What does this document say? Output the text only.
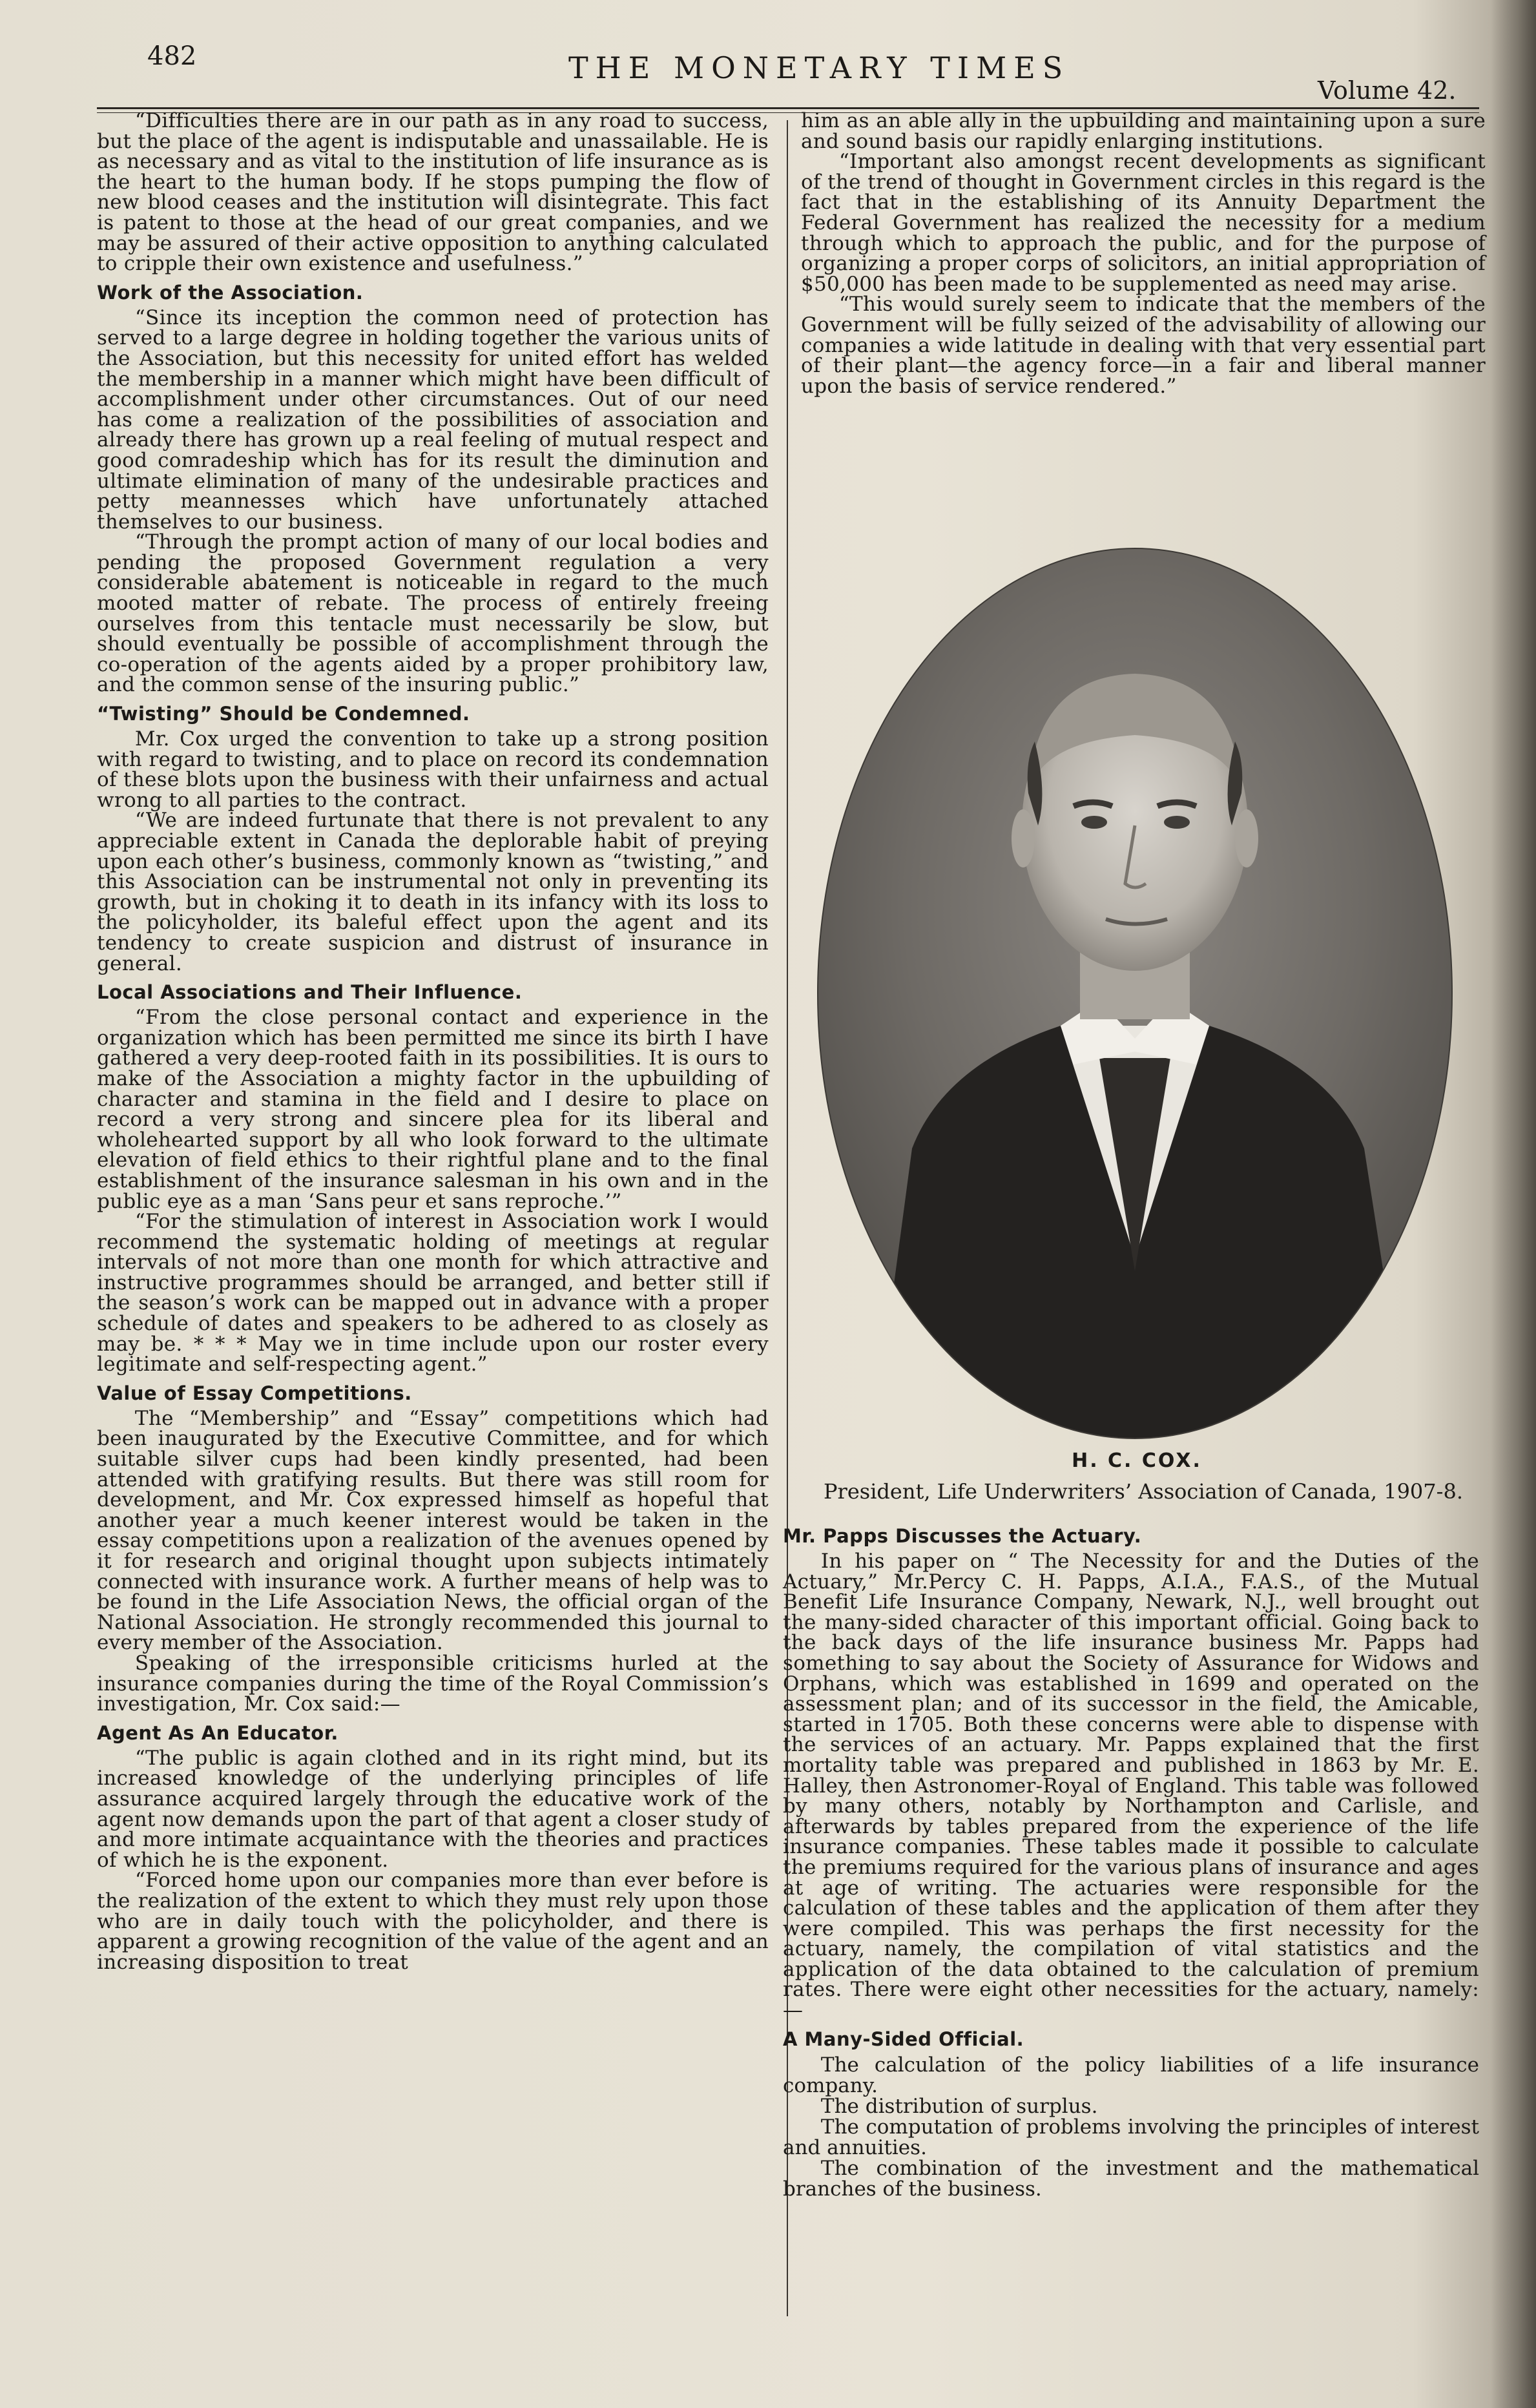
482	THE MONETARY TIMES
Volume 42.
“Difficulties there are in our path as in any road to success, but the place of the agent is indisputable and unassailable. He is as necessary and as vital to the institution of life insurance as is the heart to the human body. If he stops pumping the flow of new blood ceases and the institution will disintegrate. This fact is patent to those at the head of our great companies, and we may be assured of their active opposition to anything calculated to cripple their own existence and usefulness.”
Work of the Association.
“Since its inception the common need of protection has served to a large degree in holding together the various units of the Association, but this necessity for united effort has welded the membership in a manner which might have been difficult of accomplishment under other circumstances. Out of our need has come a realization of the possibilities of association and already there has grown up a real feeling of mutual respect and good comradeship which has for its result the diminution and ultimate elimination of many of the undesirable practices and petty meannesses which have unfortunately attached themselves to our business.
“Through the prompt action of many of our local bodies and pending the proposed Government regulation a very considerable abatement is noticeable in regard to the much mooted matter of rebate. The process of entirely freeing ourselves from this tentacle must necessarily be slow, but should eventually be possible of accomplishment through the co-operation of the agents aided by a proper prohibitory law, and the common sense of the insuring public.”
“Twisting” Should be Condemned.
Mr. Cox urged the convention to take up a strong position with regard to twisting, and to place on record its condemnation of these blots upon the business with their unfairness and actual wrong to all parties to the contract.
“We are indeed furtunate that there is not prevalent to any appreciable extent in Canada the deplorable habit of preying upon each other’s business, commonly known as “twisting,” and this Association can be instrumental not only in preventing its growth, but in choking it to death in its infancy with its loss to the policyholder, its baleful effect upon the agent and its tendency to create suspicion and distrust of insurance in general.
Local Associations and Their Influence.
“From the close personal contact and experience in the organization which has been permitted me since its birth I have gathered a very deep-rooted faith in its possibilities. It is ours to make of the Association a mighty factor in the upbuilding of character and stamina in the field and I desire to place on record a very strong and sincere plea for its liberal and wholehearted support by all who look forward to the ultimate elevation of field ethics to their rightful plane and to the final establishment of the insurance salesman in his own and in the public eye as a man ‘Sans peur et sans reproche.’”
“For the stimulation of interest in Association work I would recommend the systematic holding of meetings at regular intervals of not more than one month for which attractive and instructive programmes should be arranged, and better still if the season’s work can be mapped out in advance with a proper schedule of dates and speakers to be adhered to as closely as may be. * * * May we in time include upon our roster every legitimate and self-respecting agent.”
Value of Essay Competitions.
The “Membership” and “Essay” competitions which had been inaugurated by the Executive Committee, and for which suitable silver cups had been kindly presented, had been attended with gratifying results. But there was still room for development, and Mr. Cox expressed himself as hopeful that another year a much keener interest would be taken in the essay competitions upon a realization of the avenues opened by it for research and original thought upon subjects intimately connected with insurance work. A further means of help was to be found in the Life Association News, the official organ of the National Association. He strongly recommended this journal to every member of the Association.
Speaking of the irresponsible criticisms hurled at the insurance companies during the time of the Royal Commission’s investigation, Mr. Cox said:—
Agent As An Educator.
“The public is again clothed and in its right mind, but its increased knowledge of the underlying principles of life assurance acquired largely through the educative work of the agent now demands upon the part of that agent a closer study of and more intimate acquaintance with the theories and practices of which he is the exponent.
“Forced home upon our companies more than ever before is the realization of the extent to which they must rely upon those who are in daily touch with the policyholder, and there is apparent a growing recognition of the value of the agent and an increasing disposition to treat
him as an able ally in the upbuilding and maintaining upon a sure and sound basis our rapidly enlarging institutions.
“Important also amongst recent developments as significant of the trend of thought in Government circles in this regard is the fact that in the establishing of its Annuity Department the Federal Government has realized the necessity for a medium through which to approach the public, and for the purpose of organizing a proper corps of solicitors, an initial appropriation of $50,000 has been made to be supplemented as need may arise.
“This would surely seem to indicate that the members of the Government will be fully seized of the advisability of allowing our companies a wide latitude in dealing with that very essential part of their plant—the agency force—in a fair and liberal manner upon the basis of service rendered.”
H. C. COX.
President, Life Underwriters’ Association of Canada, 1907-8.
Mr. Papps Discusses the Actuary.
In his paper on “ The Necessity for and the Duties of the Actuary,” Mr.Percy C. H. Papps, A.I.A., F.A.S., of the Mutual Benefit Life Insurance Company, Newark, N.J., well brought out the many-sided character of this important official. Going back to the back days of the life insurance business Mr. Papps had something to say about the Society of Assurance for Widows and Orphans, which was established in 1699 and operated on the assessment plan; and of its successor in the field, the Amicable, started in 1705. Both these concerns were able to dispense with the services of an actuary. Mr. Papps explained that the first mortality table was prepared and published in 1863 by Mr. E. Halley, then Astronomer-Royal of England. This table was followed by many others, notably by Northampton and Carlisle, and afterwards by tables prepared from the experience of the life insurance companies. These tables made it possible to calculate the premiums required for the various plans of insurance and ages at age of writing. The actuaries were responsible for the calculation of these tables and the application of them after they were compiled. This was perhaps the first necessity for the actuary, namely, the compilation of vital statistics and the application of the data obtained to the calculation of premium rates. There were eight other necessities for the actuary, namely:—
A Many-Sided Official.
The calculation of the policy liabilities of a life insurance company.
The distribution of surplus.
The computation of problems involving the principles of interest and annuities.
The combination of the investment and the mathematical branches of the business.
